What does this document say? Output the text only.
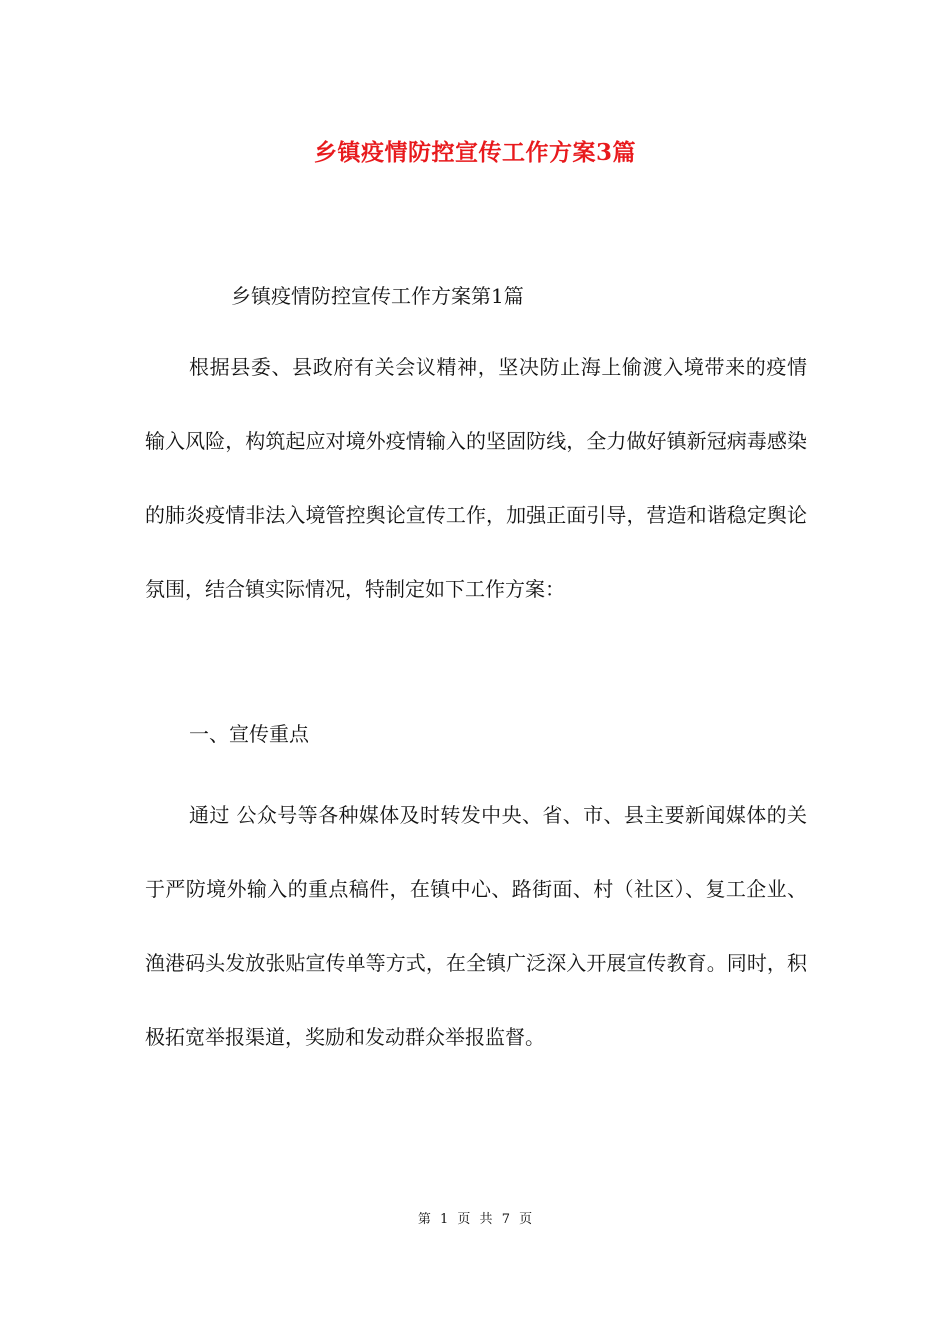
乡镇疫情防控宣传工作方案3篇

乡镇疫情防控宣传工作方案第1篇

根据县委、县政府有关会议精神，坚决防止海上偷渡入境带来的疫情输入风险，构筑起应对境外疫情输入的坚固防线，全力做好镇新冠病毒感染的肺炎疫情非法入境管控舆论宣传工作，加强正面引导，营造和谐稳定舆论氛围，结合镇实际情况，特制定如下工作方案：

一、宣传重点

通过 公众号等各种媒体及时转发中央、省、市、县主要新闻媒体的关于严防境外输入的重点稿件，在镇中心、路街面、村（社区）、复工企业、渔港码头发放张贴宣传单等方式，在全镇广泛深入开展宣传教育。同时，积极拓宽举报渠道，奖励和发动群众举报监督。

第 1 页 共 7 页
